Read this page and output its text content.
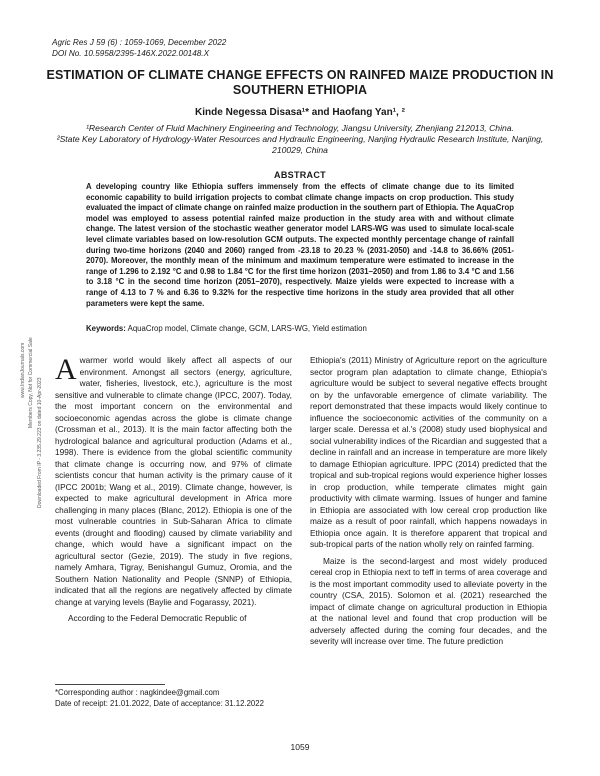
Agric Res J 59 (6) : 1059-1069, December 2022
DOI No. 10.5958/2395-146X.2022.00148.X
ESTIMATION OF CLIMATE CHANGE EFFECTS ON RAINFED MAIZE PRODUCTION IN SOUTHERN ETHIOPIA
Kinde Negessa Disasa¹* and Haofang Yan¹, ²
¹Research Center of Fluid Machinery Engineering and Technology, Jiangsu University, Zhenjiang 212013, China.
²State Key Laboratory of Hydrology-Water Resources and Hydraulic Engineering, Nanjing Hydraulic Research Institute, Nanjing, 210029, China
ABSTRACT
A developing country like Ethiopia suffers immensely from the effects of climate change due to its limited economic capability to build irrigation projects to combat climate change impacts on crop production. This study evaluated the impact of climate change on rainfed maize production in the southern part of Ethiopia. The AquaCrop model was employed to assess potential rainfed maize production in the study area with and without climate change. The latest version of the stochastic weather generator model LARS-WG was used to simulate local-scale level climate variables based on low-resolution GCM outputs. The expected monthly percentage change of rainfall during two-time horizons (2040 and 2060) ranged from -23.18 to 20.23 % (2031-2050) and -14.8 to 36.66% (2051-2070). Moreover, the monthly mean of the minimum and maximum temperature were estimated to increase in the range of 1.296 to 2.192 °C and 0.98 to 1.84 °C for the first time horizon (2031–2050) and from 1.86 to 3.4 °C and 1.56 to 3.18 °C in the second time horizon (2051–2070), respectively. Maize yields were expected to increase with a range of 4.13 to 7 % and 6.36 to 9.32% for the respective time horizons in the study area provided that all other parameters were kept the same.
Keywords: AquaCrop model, Climate change, GCM, LARS-WG, Yield estimation
www.IndianJournals.com Members Copy, Not for Commercial Sale Downloaded From IP - 3.235.29.223 on dated 10-Apr-2023

A warmer world would likely affect all aspects of our environment. Amongst all sectors (energy, agriculture, water, fisheries, livestock, etc.), agriculture is the most sensitive and vulnerable to climate change (IPCC, 2007). Today, the most important concern on the environmental and socioeconomic agendas across the globe is climate change (Crossman et al., 2013). It is the main factor affecting both the hydrological balance and agricultural production (Adams et al., 1998). There is evidence from the global scientific community that climate change is occurring now, and 97% of climate scientists concur that human activity is the primary cause of it (IPCC 2001b; Wang et al., 2019). Climate change, however, is expected to make agricultural development in Africa more challenging in many places (Blanc, 2012). Ethiopia is one of the most vulnerable countries in Sub-Saharan Africa to climate events (drought and flooding) caused by climate variability and change, which would have a significant impact on the agricultural sector (Gezie, 2019). The study in five regions, namely Amhara, Tigray, Benishangul Gumuz, Oromia, and the Southern Nation Nationality and People (SNNP) of Ethiopia, indicated that all the regions are negatively affected by climate change at varying levels (Baylie and Fogarassy, 2021).

According to the Federal Democratic Republic of

Ethiopia's (2011) Ministry of Agriculture report on the agriculture sector program plan adaptation to climate change, Ethiopia's agriculture would be subject to several negative effects brought on by the unfavorable emergence of climate variability. The report demonstrated that these impacts would likely continue to influence the socioeconomic activities of the community on a larger scale. Deressa et al.'s (2008) study used biophysical and social vulnerability indices of the Ricardian and suggested that a decline in rainfall and an increase in temperature are more likely to damage Ethiopian agriculture. IPPC (2014) predicted that the tropical and sub-tropical regions would experience higher losses in crop production, while temperate climates might gain productivity with climate warming. Issues of hunger and famine in Ethiopia are associated with low cereal crop production like maize as a result of poor rainfall, which happens nowadays in Ethiopia once again. It is therefore apparent that tropical and sub-tropical parts of the nation wholly rely on rainfed farming.

Maize is the second-largest and most widely produced cereal crop in Ethiopia next to teff in terms of area coverage and is the most important commodity used to alleviate poverty in the country (CSA, 2015). Solomon et al. (2021) researched the impact of climate change on agricultural production in Ethiopia at the national level and found that crop production will be adversely affected during the coming four decades, and the severity will increase over time. The future prediction

*Corresponding author : nagkindee@gmail.com
Date of receipt: 21.01.2022, Date of acceptance: 31.12.2022
1059
